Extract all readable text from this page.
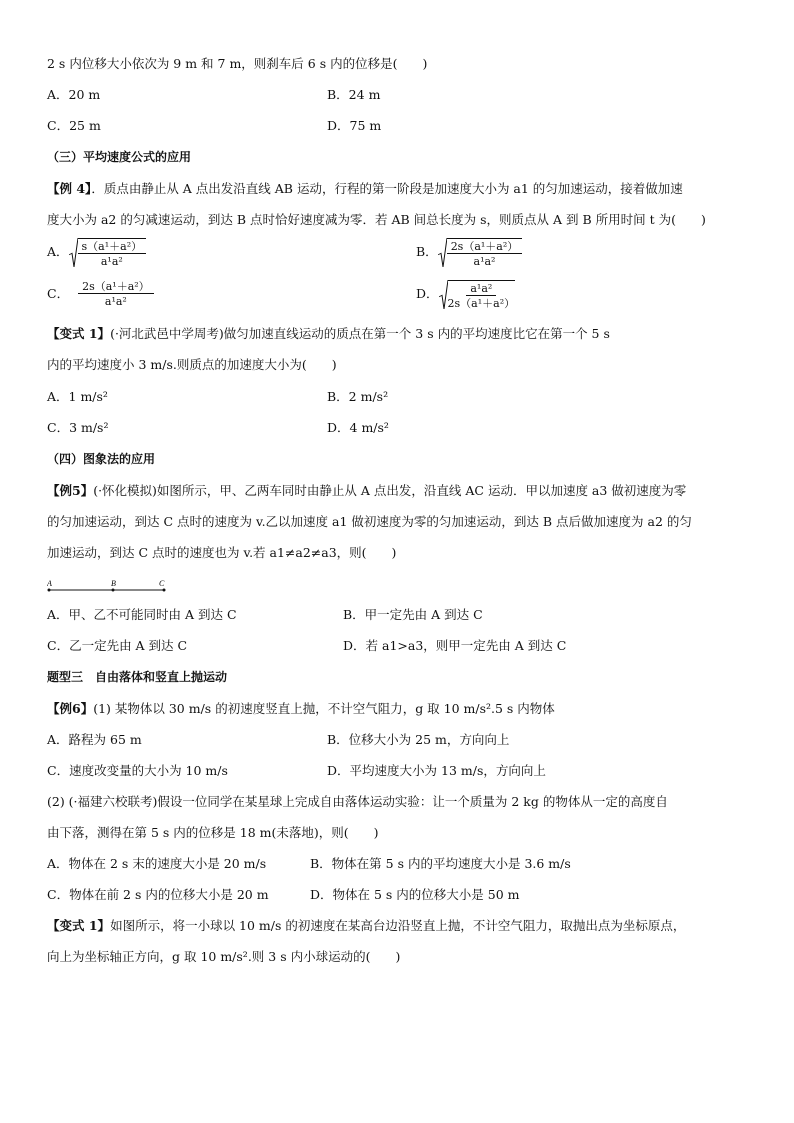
2 s 内位移大小依次为 9 m 和 7 m，则刹车后 6 s 内的位移是(　　)
A．20 m	B．24 m
C．25 m	D．75 m
（三）平均速度公式的应用
【例 4】．质点由静止从 A 点出发沿直线 AB 运动，行程的第一阶段是加速度大小为 a1 的匀加速运动，接着做加速
度大小为 a2 的匀减速运动，到达 B 点时恰好速度减为零．若 AB 间总长度为 s，则质点从 A 到 B 所用时间 t 为(　　)
A． $\frac{\text{s（a¹＋a²）}}{\text{a¹a²}}$	B． $\frac{\text{2s（a¹＋a²）}}{\text{a¹a²}}$
C． $\frac{\text{2s（a¹＋a²）}}{\text{a¹a²}}$	D． $\frac{\text{a¹a²}}{\text{2s（a¹＋a²）}}$
【变式 1】(·河北武邑中学周考)做匀加速直线运动的质点在第一个 3 s 内的平均速度比它在第一个 5 s
内的平均速度小 3 m/s.则质点的加速度大小为(　　)
A．1 m/s²	B．2 m/s²
C．3 m/s²	D．4 m/s²
（四）图象法的应用
【例5】(·怀化模拟)如图所示，甲、乙两车同时由静止从 A 点出发，沿直线 AC 运动．甲以加速度 a3 做初速度为零
的匀加速运动，到达 C 点时的速度为 v.乙以加速度 a1 做初速度为零的匀加速运动，到达 B 点后做加速度为 a2 的匀
加速运动，到达 C 点时的速度也为 v.若 a1≠a2≠a3，则(　　)
A	B	C
A．甲、乙不可能同时由 A 到达 C	B．甲一定先由 A 到达 C
C．乙一定先由 A 到达 C	D．若 a1>a3，则甲一定先由 A 到达 C
题型三　自由落体和竖直上抛运动
【例6】(1) 某物体以 30 m/s 的初速度竖直上抛，不计空气阻力，g 取 10 m/s².5 s 内物体
A．路程为 65 m	B．位移大小为 25 m，方向向上
C．速度改变量的大小为 10 m/s	D．平均速度大小为 13 m/s，方向向上
(2) (·福建六校联考)假设一位同学在某星球上完成自由落体运动实验：让一个质量为 2 kg 的物体从一定的高度自
由下落，测得在第 5 s 内的位移是 18 m(未落地)，则(　　)
A．物体在 2 s 末的速度大小是 20 m/s	B．物体在第 5 s 内的平均速度大小是 3.6 m/s
C．物体在前 2 s 内的位移大小是 20 m	D．物体在 5 s 内的位移大小是 50 m
【变式 1】如图所示，将一小球以 10 m/s 的初速度在某高台边沿竖直上抛，不计空气阻力，取抛出点为坐标原点，
向上为坐标轴正方向，g 取 10 m/s².则 3 s 内小球运动的(　　)
